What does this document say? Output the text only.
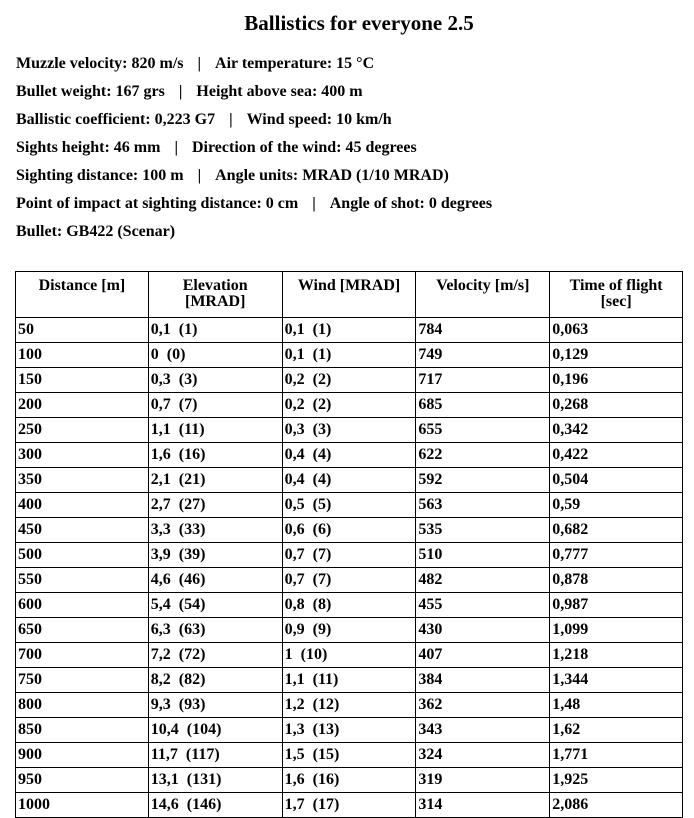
Ballistics for everyone 2.5
Muzzle velocity: 820 m/s | Air temperature: 15 °C
Bullet weight: 167 grs | Height above sea: 400 m
Ballistic coefficient: 0,223 G7 | Wind speed: 10 km/h
Sights height: 46 mm | Direction of the wind: 45 degrees
Sighting distance: 100 m | Angle units: MRAD (1/10 MRAD)
Point of impact at sighting distance: 0 cm | Angle of shot: 0 degrees
Bullet: GB422 (Scenar)
Distance [m]	Elevation [MRAD]	Wind [MRAD]	Velocity [m/s]	Time of flight [sec]
50	0,1  (1)	0,1  (1)	784	0,063
100	0  (0)	0,1  (1)	749	0,129
150	0,3  (3)	0,2  (2)	717	0,196
200	0,7  (7)	0,2  (2)	685	0,268
250	1,1  (11)	0,3  (3)	655	0,342
300	1,6  (16)	0,4  (4)	622	0,422
350	2,1  (21)	0,4  (4)	592	0,504
400	2,7  (27)	0,5  (5)	563	0,59
450	3,3  (33)	0,6  (6)	535	0,682
500	3,9  (39)	0,7  (7)	510	0,777
550	4,6  (46)	0,7  (7)	482	0,878
600	5,4  (54)	0,8  (8)	455	0,987
650	6,3  (63)	0,9  (9)	430	1,099
700	7,2  (72)	1  (10)	407	1,218
750	8,2  (82)	1,1  (11)	384	1,344
800	9,3  (93)	1,2  (12)	362	1,48
850	10,4  (104)	1,3  (13)	343	1,62
900	11,7  (117)	1,5  (15)	324	1,771
950	13,1  (131)	1,6  (16)	319	1,925
1000	14,6  (146)	1,7  (17)	314	2,086
